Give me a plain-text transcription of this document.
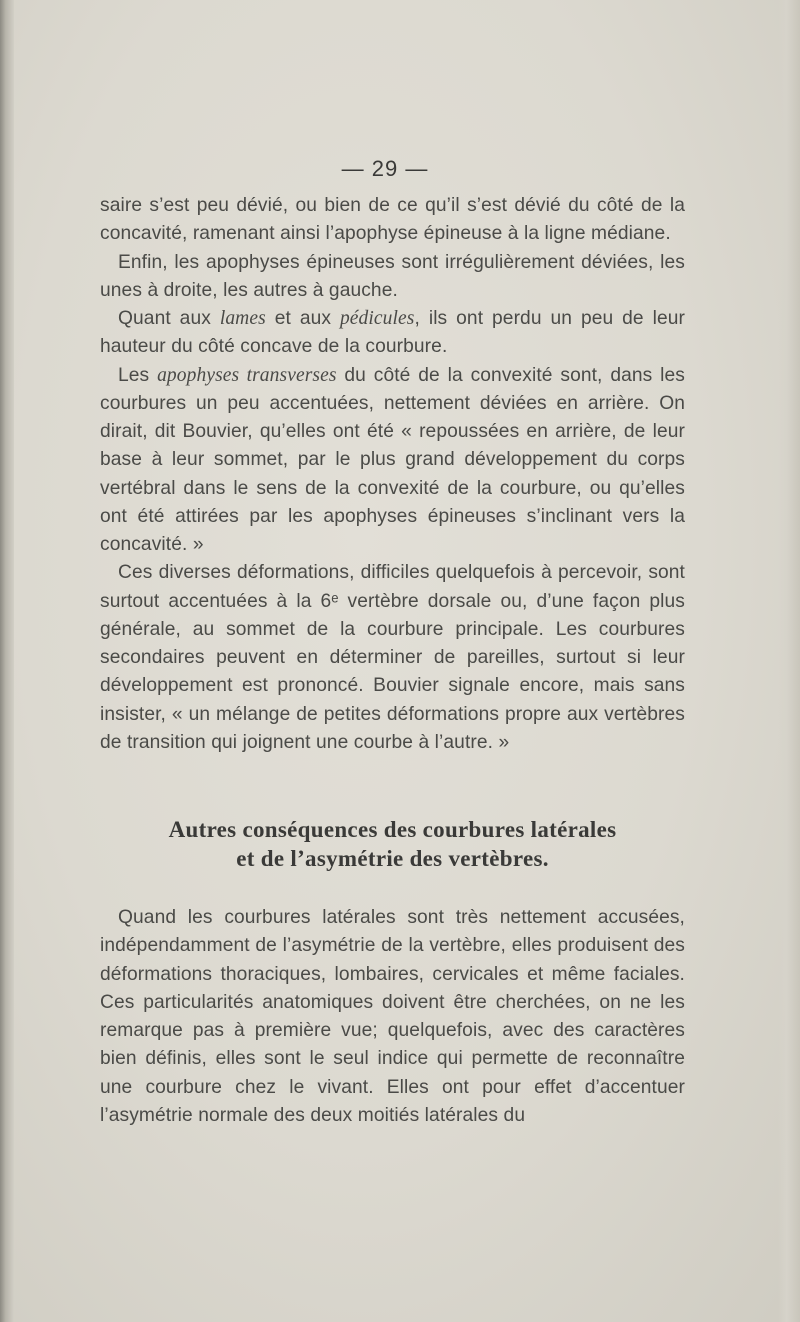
— 29 —

saire s’est peu dévié, ou bien de ce qu’il s’est dévié du côté de la concavité, ramenant ainsi l’apophyse épineuse à la ligne médiane.

Enfin, les apophyses épineuses sont irrégulièrement déviées, les unes à droite, les autres à gauche.

Quant aux lames et aux pédicules, ils ont perdu un peu de leur hauteur du côté concave de la courbure.

Les apophyses transverses du côté de la convexité sont, dans les courbures un peu accentuées, nettement déviées en arrière. On dirait, dit Bouvier, qu’elles ont été « repoussées en arrière, de leur base à leur sommet, par le plus grand développement du corps vertébral dans le sens de la convexité de la courbure, ou qu’elles ont été attirées par les apophyses épineuses s’inclinant vers la concavité. »

Ces diverses déformations, difficiles quelquefois à percevoir, sont surtout accentuées à la 6ᵉ vertèbre dorsale ou, d’une façon plus générale, au sommet de la courbure principale. Les courbures secondaires peuvent en déterminer de pareilles, surtout si leur développement est prononcé. Bouvier signale encore, mais sans insister, « un mélange de petites déformations propre aux vertèbres de transition qui joignent une courbe à l’autre. »

Autres conséquences des courbures latérales
et de l’asymétrie des vertèbres.

Quand les courbures latérales sont très nettement accusées, indépendamment de l’asymétrie de la vertèbre, elles produisent des déformations thoraciques, lombaires, cervicales et même faciales. Ces particularités anatomiques doivent être cherchées, on ne les remarque pas à première vue; quelquefois, avec des caractères bien définis, elles sont le seul indice qui permette de reconnaître une courbure chez le vivant. Elles ont pour effet d’accentuer l’asymétrie normale des deux moitiés latérales du
